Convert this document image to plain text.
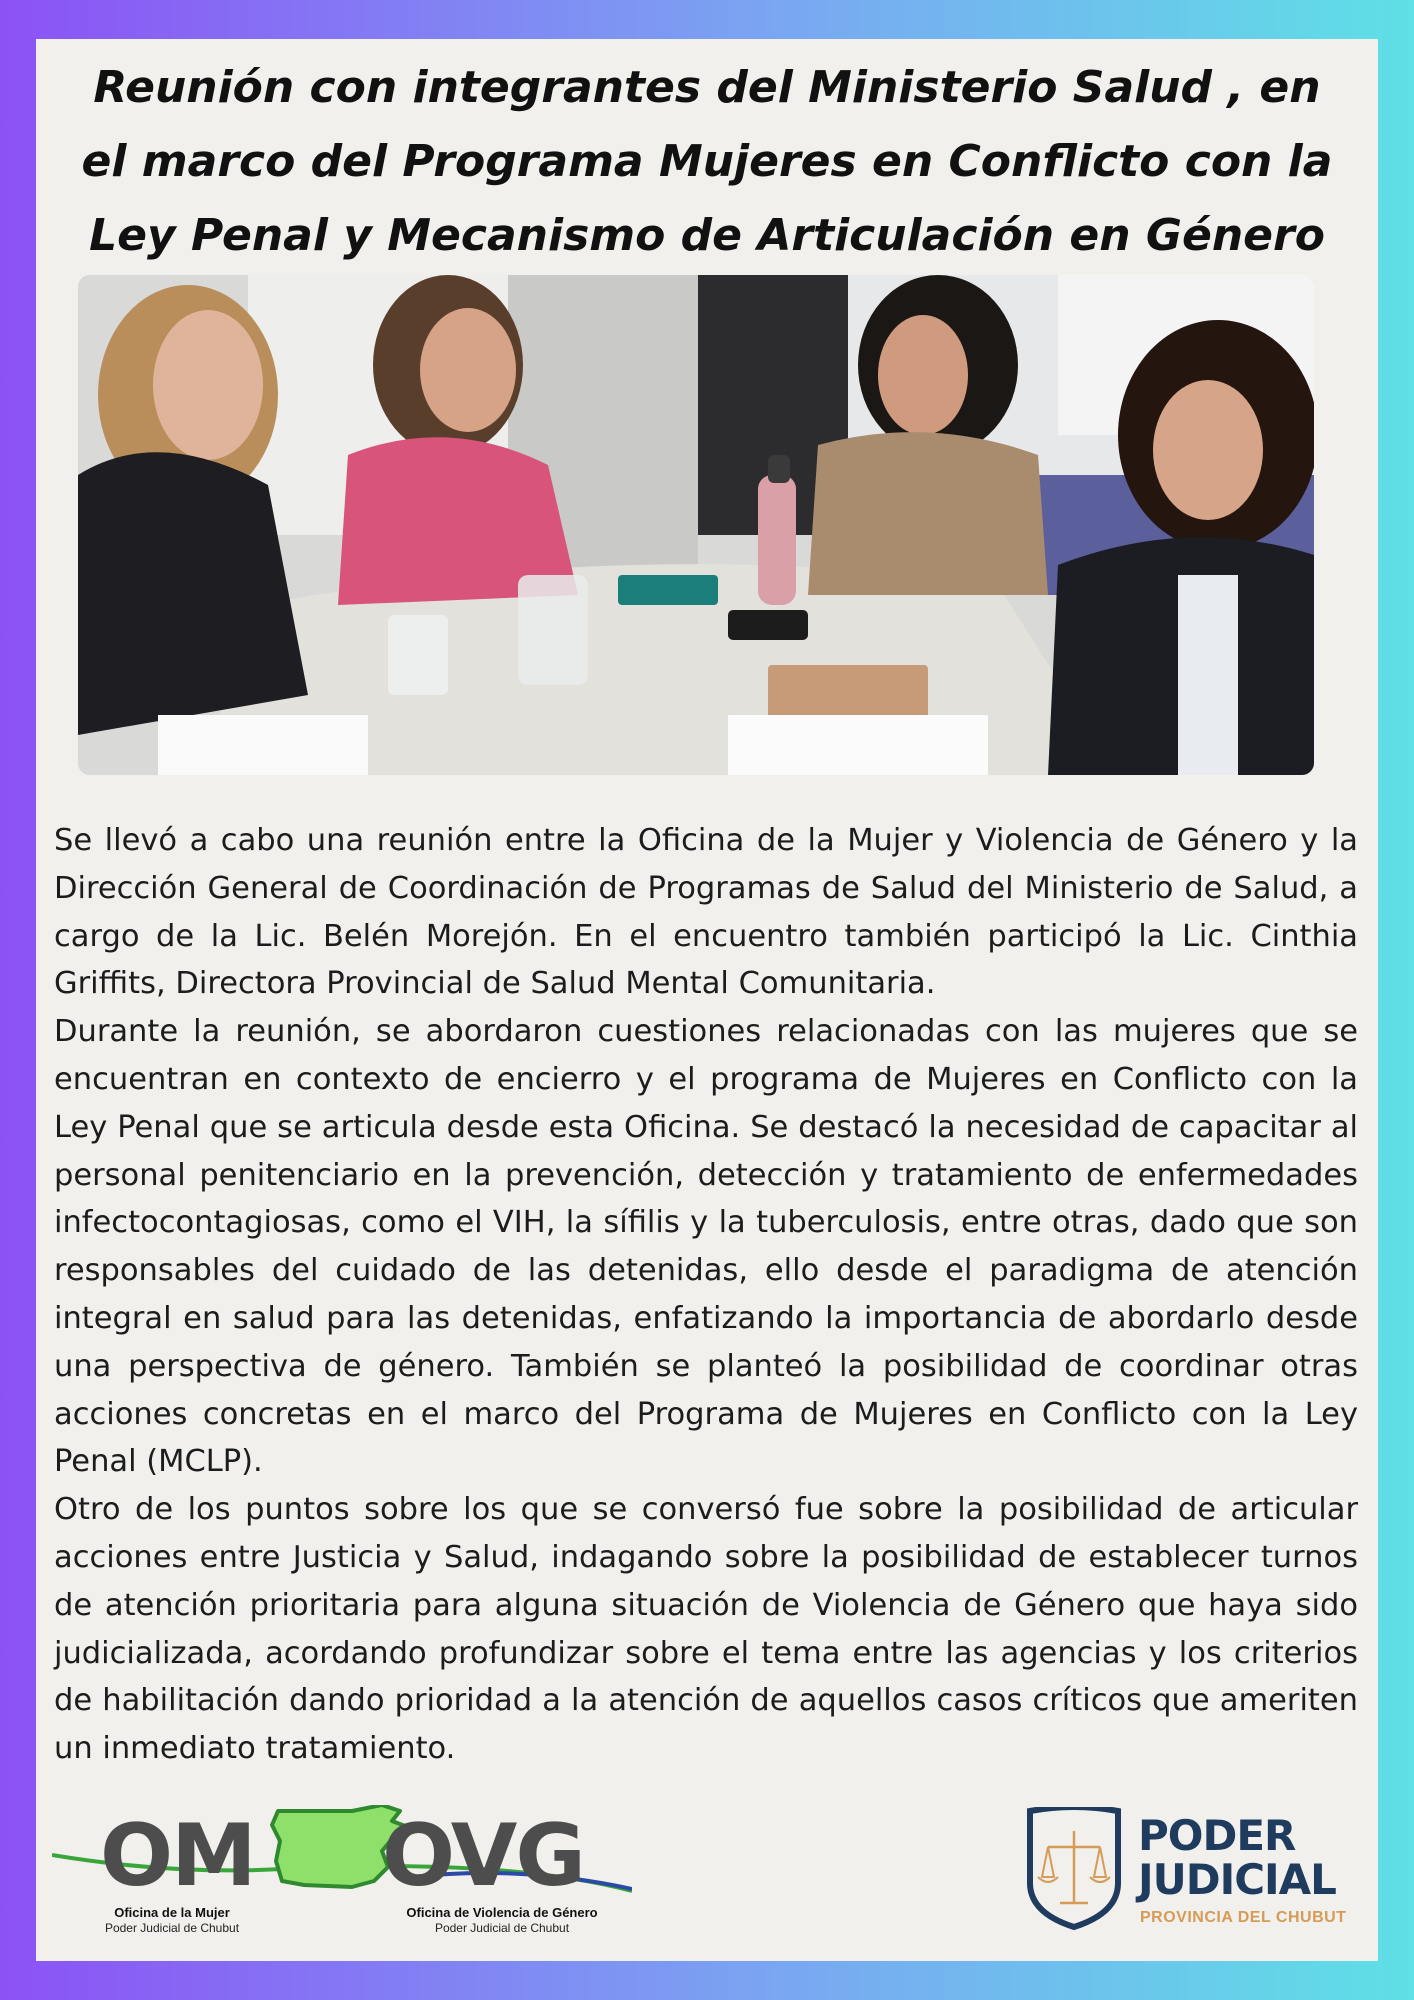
Reunión con integrantes del Ministerio Salud , en el marco del Programa Mujeres en Conflicto con la Ley Penal y Mecanismo de Articulación en Género

Se llevó a cabo una reunión entre la Oficina de la Mujer y Violencia de Género y la Dirección General de Coordinación de Programas de Salud del Ministerio de Salud, a cargo de la Lic. Belén Morejón. En el encuentro también participó la Lic. Cinthia Griffits, Directora Provincial de Salud Mental Comunitaria.

Durante la reunión, se abordaron cuestiones relacionadas con las mujeres que se encuentran en contexto de encierro y el programa de Mujeres en Conflicto con la Ley Penal que se articula desde esta Oficina. Se destacó la necesidad de capacitar al personal penitenciario en la prevención, detección y tratamiento de enfermedades infectocontagiosas, como el VIH, la sífilis y la tuberculosis, entre otras, dado que son responsables del cuidado de las detenidas, ello desde el paradigma de atención integral en salud para las detenidas, enfatizando la importancia de abordarlo desde una perspectiva de género. También se planteó la posibilidad de coordinar otras acciones concretas en el marco del Programa de Mujeres en Conflicto con la Ley Penal (MCLP).

Otro de los puntos sobre los que se conversó fue sobre la posibilidad de articular acciones entre Justicia y Salud, indagando sobre la posibilidad de establecer turnos de atención prioritaria para alguna situación de Violencia de Género que haya sido judicializada, acordando profundizar sobre el tema entre las agencias y los criterios de habilitación dando prioridad a la atención de aquellos casos críticos que ameriten un inmediato tratamiento.

OM OVG
Oficina de la Mujer
Poder Judicial de Chubut
Oficina de Violencia de Género
Poder Judicial de Chubut
PODER
JUDICIAL
PROVINCIA DEL CHUBUT
